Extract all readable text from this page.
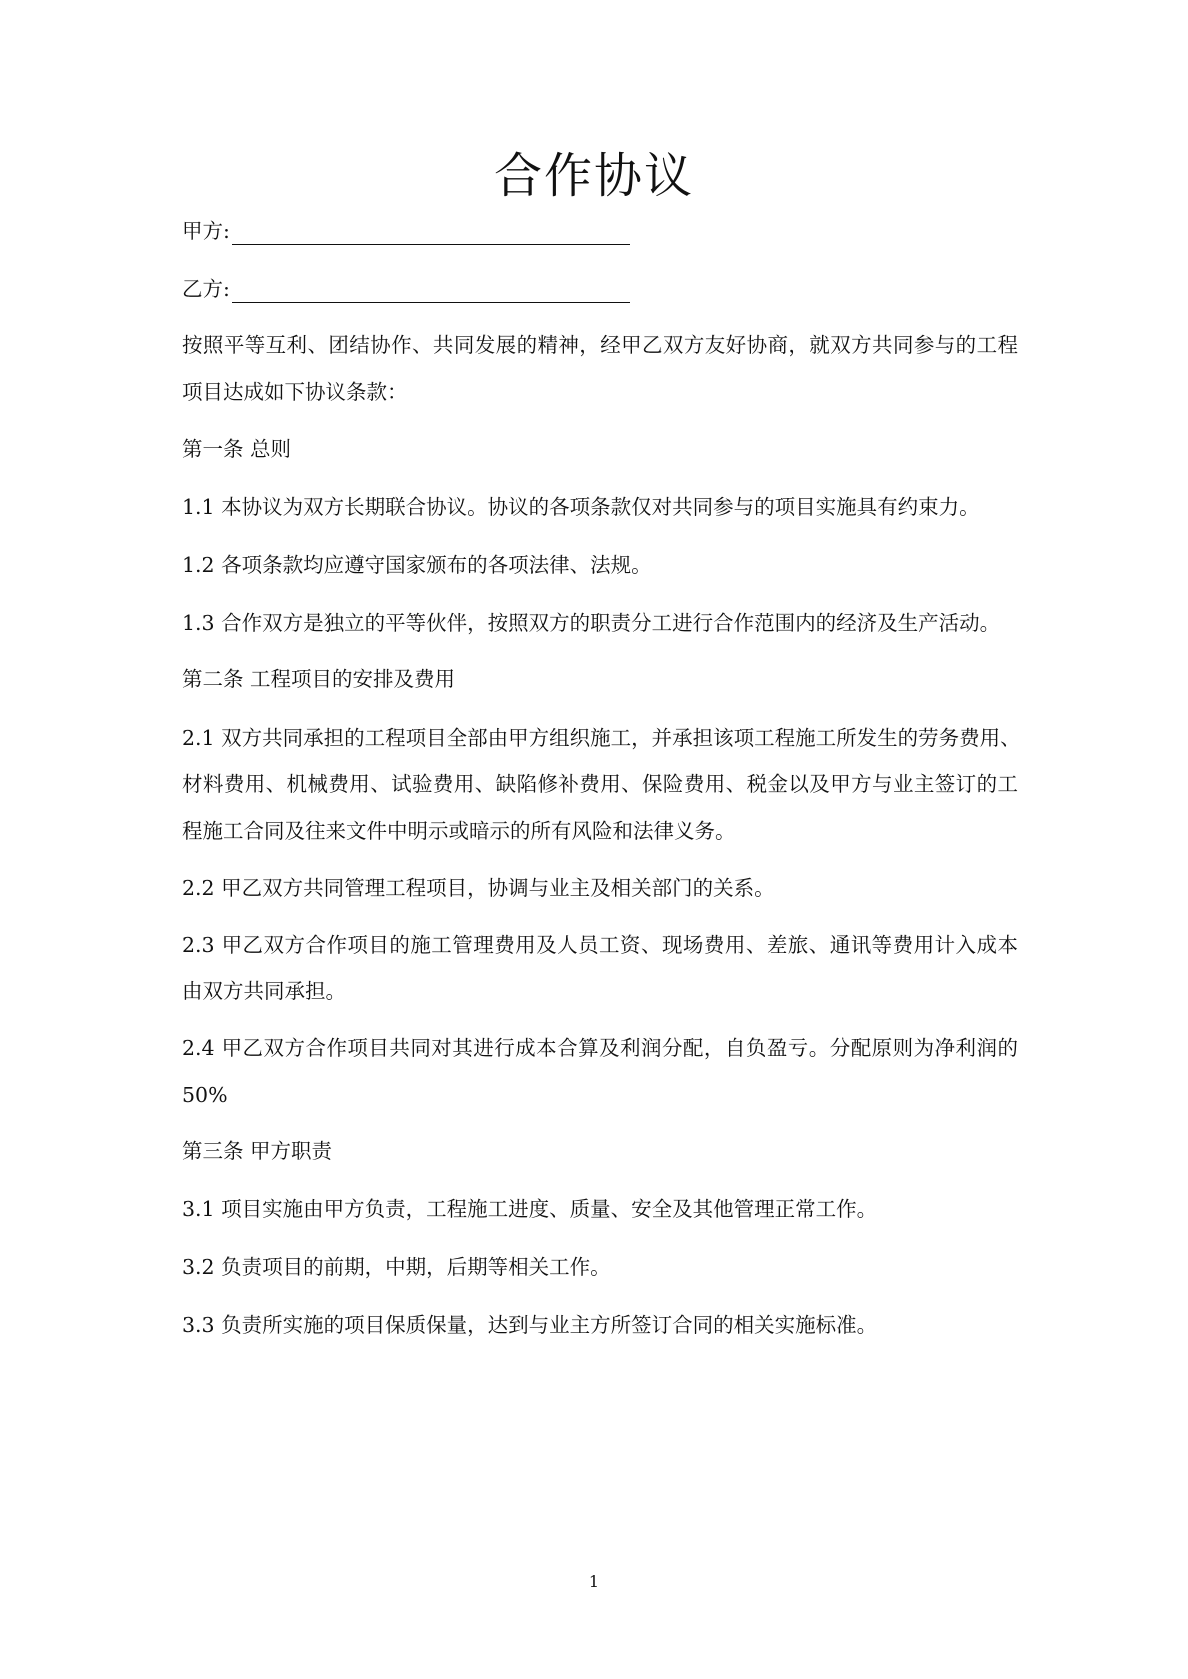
合作协议
甲方:
乙方:
按照平等互利、团结协作、共同发展的精神，经甲乙双方友好协商，就双方共同参与的工程
项目达成如下协议条款：
第一条 总则
1.1 本协议为双方长期联合协议。协议的各项条款仅对共同参与的项目实施具有约束力。
1.2 各项条款均应遵守国家颁布的各项法律、法规。
1.3 合作双方是独立的平等伙伴，按照双方的职责分工进行合作范围内的经济及生产活动。
第二条 工程项目的安排及费用
2.1 双方共同承担的工程项目全部由甲方组织施工，并承担该项工程施工所发生的劳务费用、
材料费用、机械费用、试验费用、缺陷修补费用、保险费用、税金以及甲方与业主签订的工
程施工合同及往来文件中明示或暗示的所有风险和法律义务。
2.2 甲乙双方共同管理工程项目，协调与业主及相关部门的关系。
2.3 甲乙双方合作项目的施工管理费用及人员工资、现场费用、差旅、通讯等费用计入成本
由双方共同承担。
2.4 甲乙双方合作项目共同对其进行成本合算及利润分配，自负盈亏。分配原则为净利润的
50%
第三条 甲方职责
3.1 项目实施由甲方负责，工程施工进度、质量、安全及其他管理正常工作。
3.2 负责项目的前期，中期，后期等相关工作。
3.3 负责所实施的项目保质保量，达到与业主方所签订合同的相关实施标准。
1
